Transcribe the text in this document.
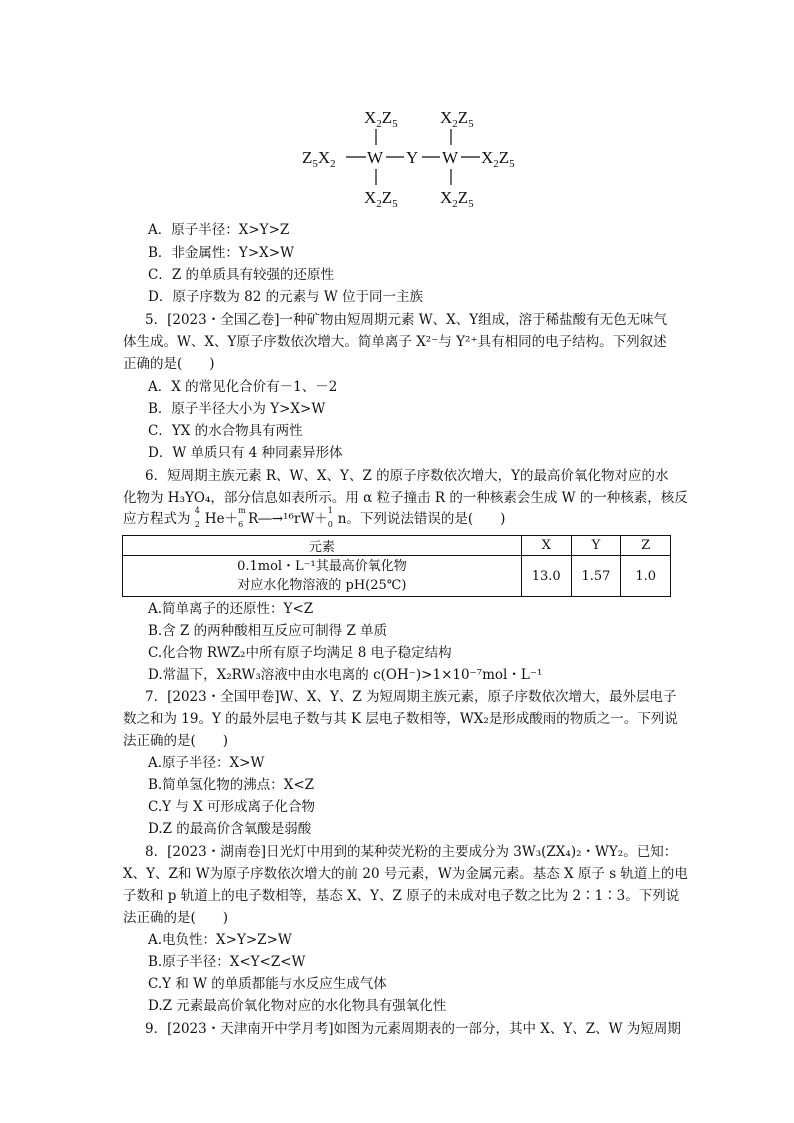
$X_2Z_5$ $X_2Z_5$
$Z_5X_2$ W Y W $X_2Z_5$
$X_2Z_5$ $X_2Z_5$
A．原子半径：X>Y>Z
B．非金属性：Y>X>W
C．Z 的单质具有较强的还原性
D．原子序数为 82 的元素与 W 位于同一主族
5．[2023・全国乙卷]一种矿物由短周期元素 W、X、Y组成，溶于稀盐酸有无色无味气
体生成。W、X、Y原子序数依次增大。简单离子 X²⁻与 Y²⁺具有相同的电子结构。下列叙述
正确的是(　　)
A．X 的常见化合价有－1、－2
B．原子半径大小为 Y>X>W
C．YX 的水合物具有两性
D．W 单质只有 4 种同素异形体
6．短周期主族元素 R、W、X、Y、Z 的原子序数依次增大，Y的最高价氧化物对应的水
化物为 H₃YO₄，部分信息如表所示。用 α 粒子撞击 R 的一种核素会生成 W 的一种核素，核反
应方程式为
4
2 He＋
m
6 R―→¹⁶rW＋
1
0 n。下列说法错误的是(　　)
元素	X	Y	Z

0.1mol・L⁻¹其最高价氧化物
对应水化物溶液的 pH(25℃)	13.0	1.57	1.0
A.简单离子的还原性：Y<Z
B.含 Z 的两种酸相互反应可制得 Z 单质
C.化合物 RWZ₂中所有原子均满足 8 电子稳定结构
D.常温下，X₂RW₃溶液中由水电离的 c(OH⁻)>1×10⁻⁷mol・L⁻¹
7．[2023・全国甲卷]W、X、Y、Z 为短周期主族元素，原子序数依次增大，最外层电子
数之和为 19。Y 的最外层电子数与其 K 层电子数相等，WX₂是形成酸雨的物质之一。下列说
法正确的是(　　)
A.原子半径：X>W
B.简单氢化物的沸点：X<Z
C.Y 与 X 可形成离子化合物
D.Z 的最高价含氧酸是弱酸
8．[2023・湖南卷]日光灯中用到的某种荧光粉的主要成分为 3W₃(ZX₄)₂・WY₂。已知：
X、Y、Z和 W为原子序数依次增大的前 20 号元素，W为金属元素。基态 X 原子 s 轨道上的电
子数和 p 轨道上的电子数相等，基态 X、Y、Z 原子的未成对电子数之比为 2∶1∶3。下列说
法正确的是(　　)
A.电负性：X>Y>Z>W
B.原子半径：X<Y<Z<W
C.Y 和 W 的单质都能与水反应生成气体
D.Z 元素最高价氧化物对应的水化物具有强氧化性
9．[2023・天津南开中学月考]如图为元素周期表的一部分，其中 X、Y、Z、W 为短周期
